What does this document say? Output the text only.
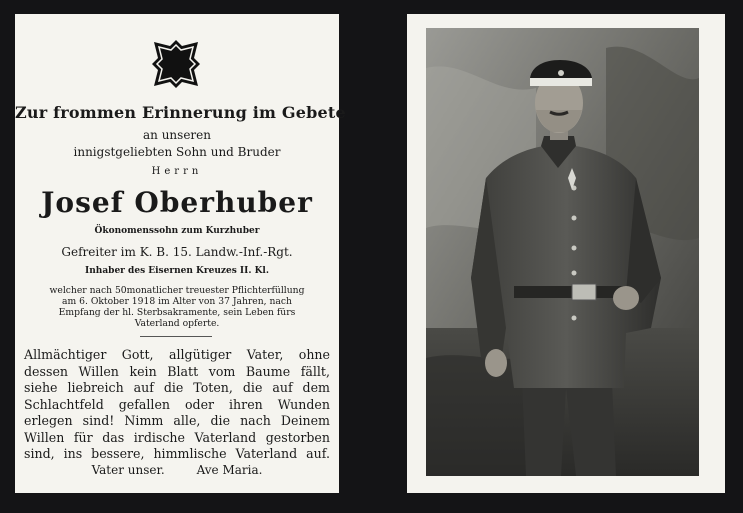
Zur frommen Erinnerung im Gebete
an unseren
innigstgeliebten Sohn und Bruder
Herrn
Josef Oberhuber
Ökonomenssohn zum Kurzhuber
Gefreiter im K. B. 15. Landw.-Inf.-Rgt.
Inhaber des Eisernen Kreuzes II. Kl.
welcher nach 50monatlicher treuester Pflichterfüllung
am 6. Oktober 1918 im Alter von 37 Jahren, nach
Empfang der hl. Sterbsakramente, sein Leben fürs
Vaterland opferte.
Allmächtiger Gott, allgütiger Vater, ohne
dessen Willen kein Blatt vom Baume fällt,
siehe liebreich auf die Toten, die auf dem
Schlachtfeld gefallen oder ihren Wunden
erlegen sind! Nimm alle, die nach Deinem
Willen für das irdische Vaterland gestorben
sind, ins bessere, himmlische Vaterland auf.
Vater unser.	Ave Maria.
